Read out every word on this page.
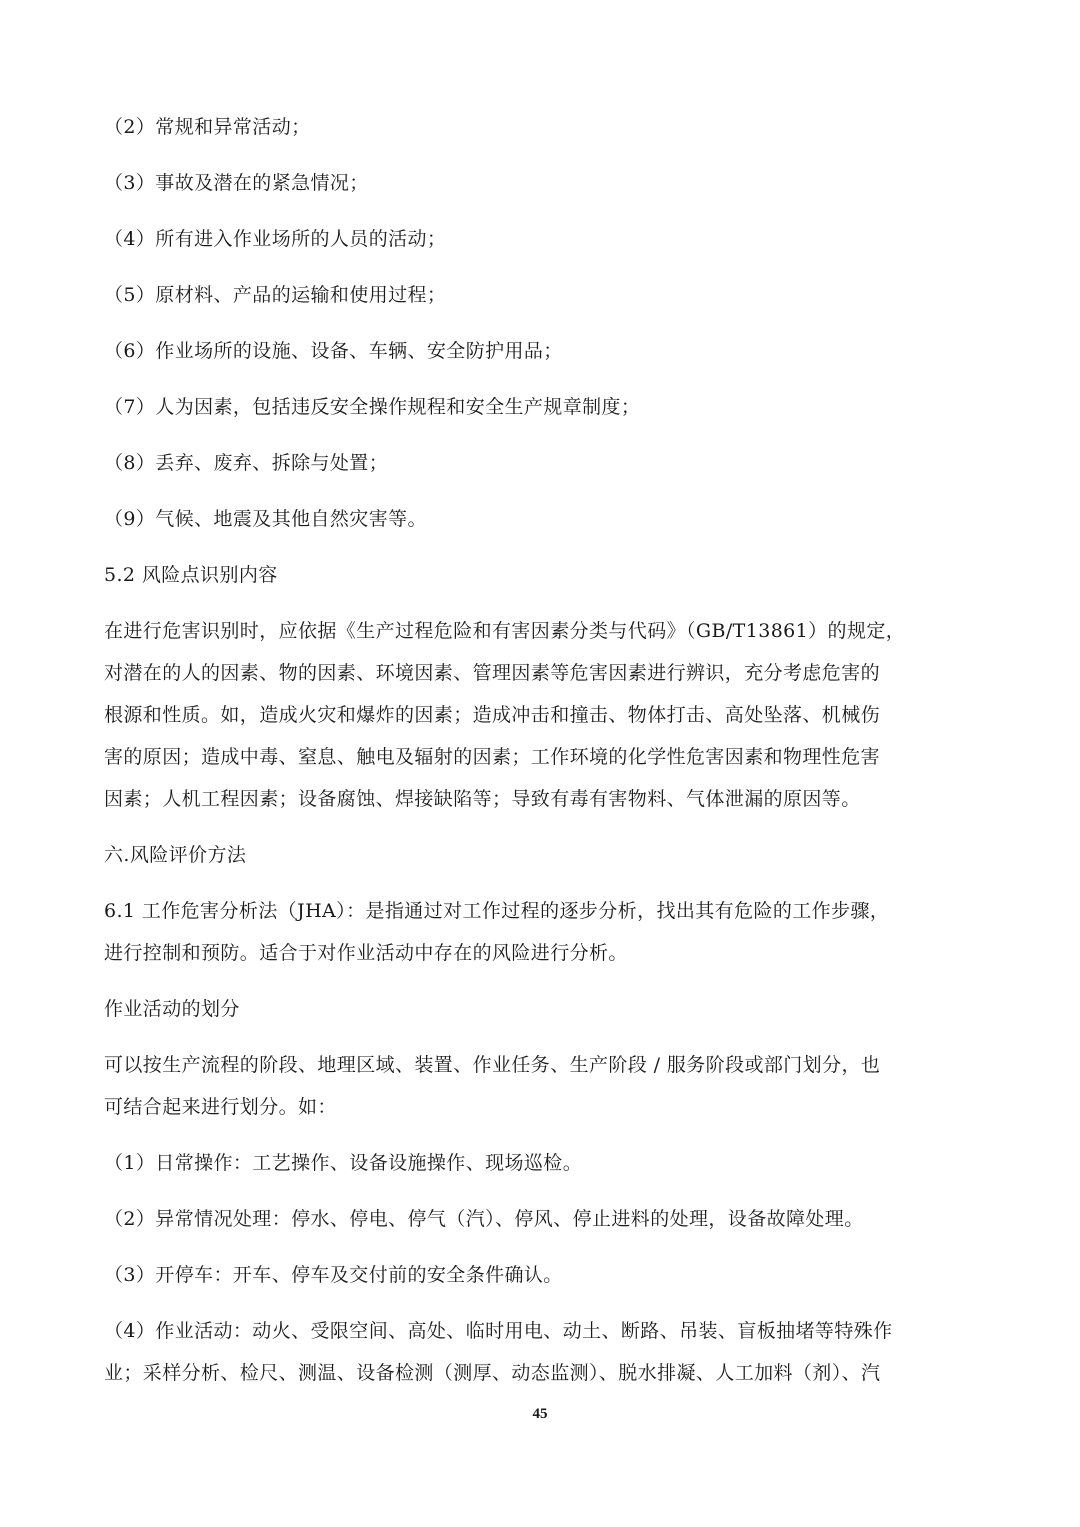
（2）常规和异常活动；

（3）事故及潜在的紧急情况；

（4）所有进入作业场所的人员的活动；

（5）原材料、产品的运输和使用过程；

（6）作业场所的设施、设备、车辆、安全防护用品；

（7）人为因素，包括违反安全操作规程和安全生产规章制度；

（8）丢弃、废弃、拆除与处置；

（9）气候、地震及其他自然灾害等。

5.2 风险点识别内容

在进行危害识别时，应依据《生产过程危险和有害因素分类与代码》（GB/T13861）的规定，
对潜在的人的因素、物的因素、环境因素、管理因素等危害因素进行辨识，充分考虑危害的
根源和性质。如，造成火灾和爆炸的因素；造成冲击和撞击、物体打击、高处坠落、机械伤
害的原因；造成中毒、窒息、触电及辐射的因素；工作环境的化学性危害因素和物理性危害
因素；人机工程因素；设备腐蚀、焊接缺陷等；导致有毒有害物料、气体泄漏的原因等。

六.风险评价方法

6.1 工作危害分析法（JHA）：是指通过对工作过程的逐步分析，找出其有危险的工作步骤，
进行控制和预防。适合于对作业活动中存在的风险进行分析。

作业活动的划分

可以按生产流程的阶段、地理区域、装置、作业任务、生产阶段 / 服务阶段或部门划分，也
可结合起来进行划分。如：

（1）日常操作：工艺操作、设备设施操作、现场巡检。

（2）异常情况处理：停水、停电、停气（汽）、停风、停止进料的处理，设备故障处理。

（3）开停车：开车、停车及交付前的安全条件确认。

（4）作业活动：动火、受限空间、高处、临时用电、动土、断路、吊装、盲板抽堵等特殊作
业；采样分析、检尺、测温、设备检测（测厚、动态监测）、脱水排凝、人工加料（剂）、汽
45
